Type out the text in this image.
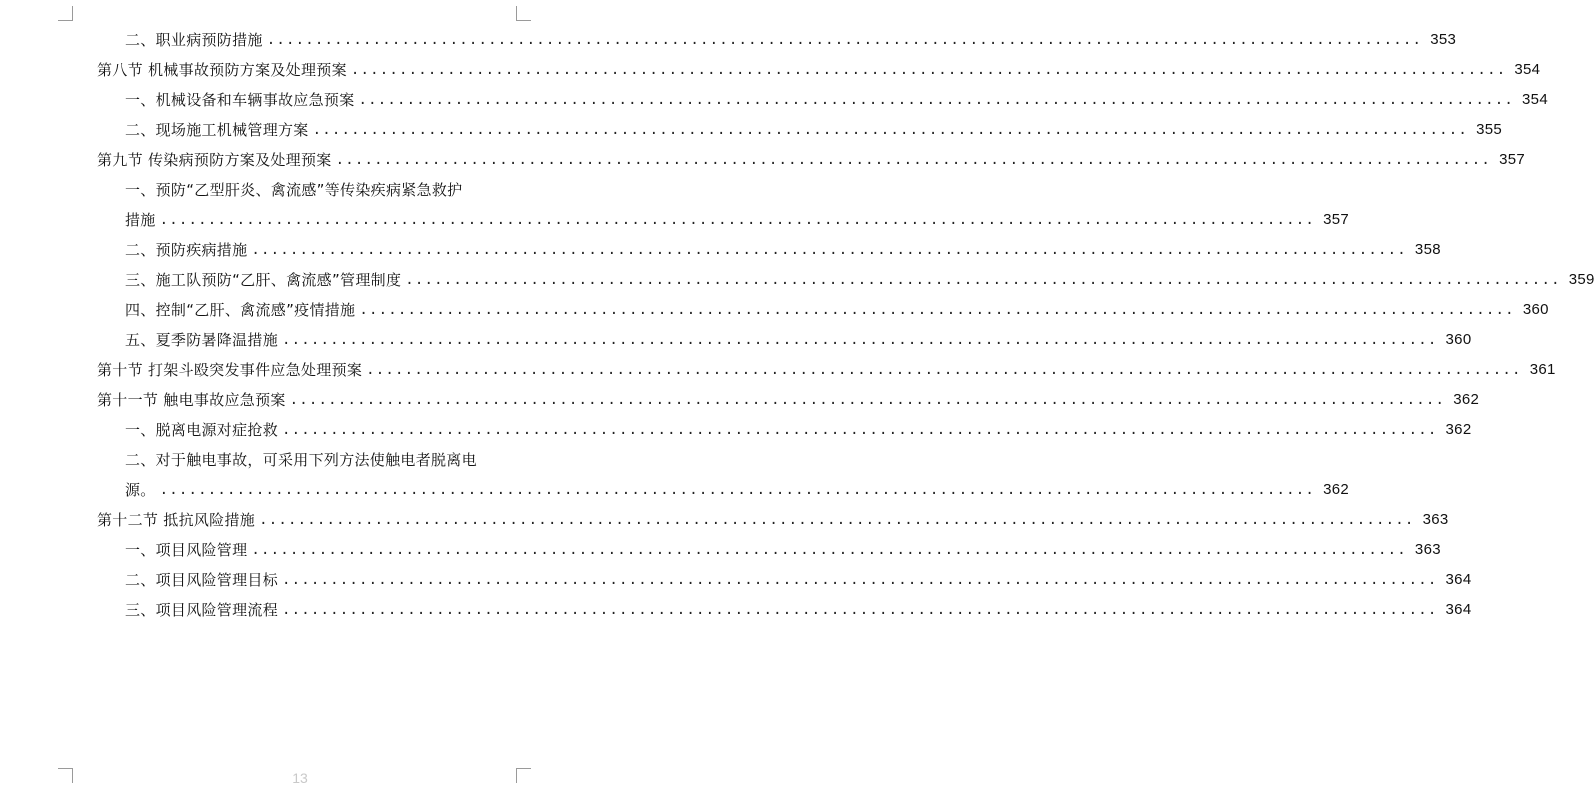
二、职业病预防措施 ........................................................................................................................ 353
第八节 机械事故预防方案及处理预案 ........................................................................................................................ 354
一、机械设备和车辆事故应急预案 ........................................................................................................................ 354
二、现场施工机械管理方案 ........................................................................................................................ 355
第九节 传染病预防方案及处理预案 ........................................................................................................................ 357
一、预防“乙型肝炎、禽流感”等传染疾病紧急救护
措施 ........................................................................................................................ 357
二、预防疾病措施 ........................................................................................................................ 358
三、施工队预防“乙肝、禽流感”管理制度 ........................................................................................................................ 359
四、控制“乙肝、禽流感”疫情措施 ........................................................................................................................ 360
五、夏季防暑降温措施 ........................................................................................................................ 360
第十节 打架斗殴突发事件应急处理预案 ........................................................................................................................ 361
第十一节 触电事故应急预案 ........................................................................................................................ 362
一、脱离电源对症抢救 ........................................................................................................................ 362
二、对于触电事故，可采用下列方法使触电者脱离电
源。 ........................................................................................................................ 362
第十二节 抵抗风险措施 ........................................................................................................................ 363
一、项目风险管理 ........................................................................................................................ 363
二、项目风险管理目标 ........................................................................................................................ 364
三、项目风险管理流程 ........................................................................................................................ 364
13
